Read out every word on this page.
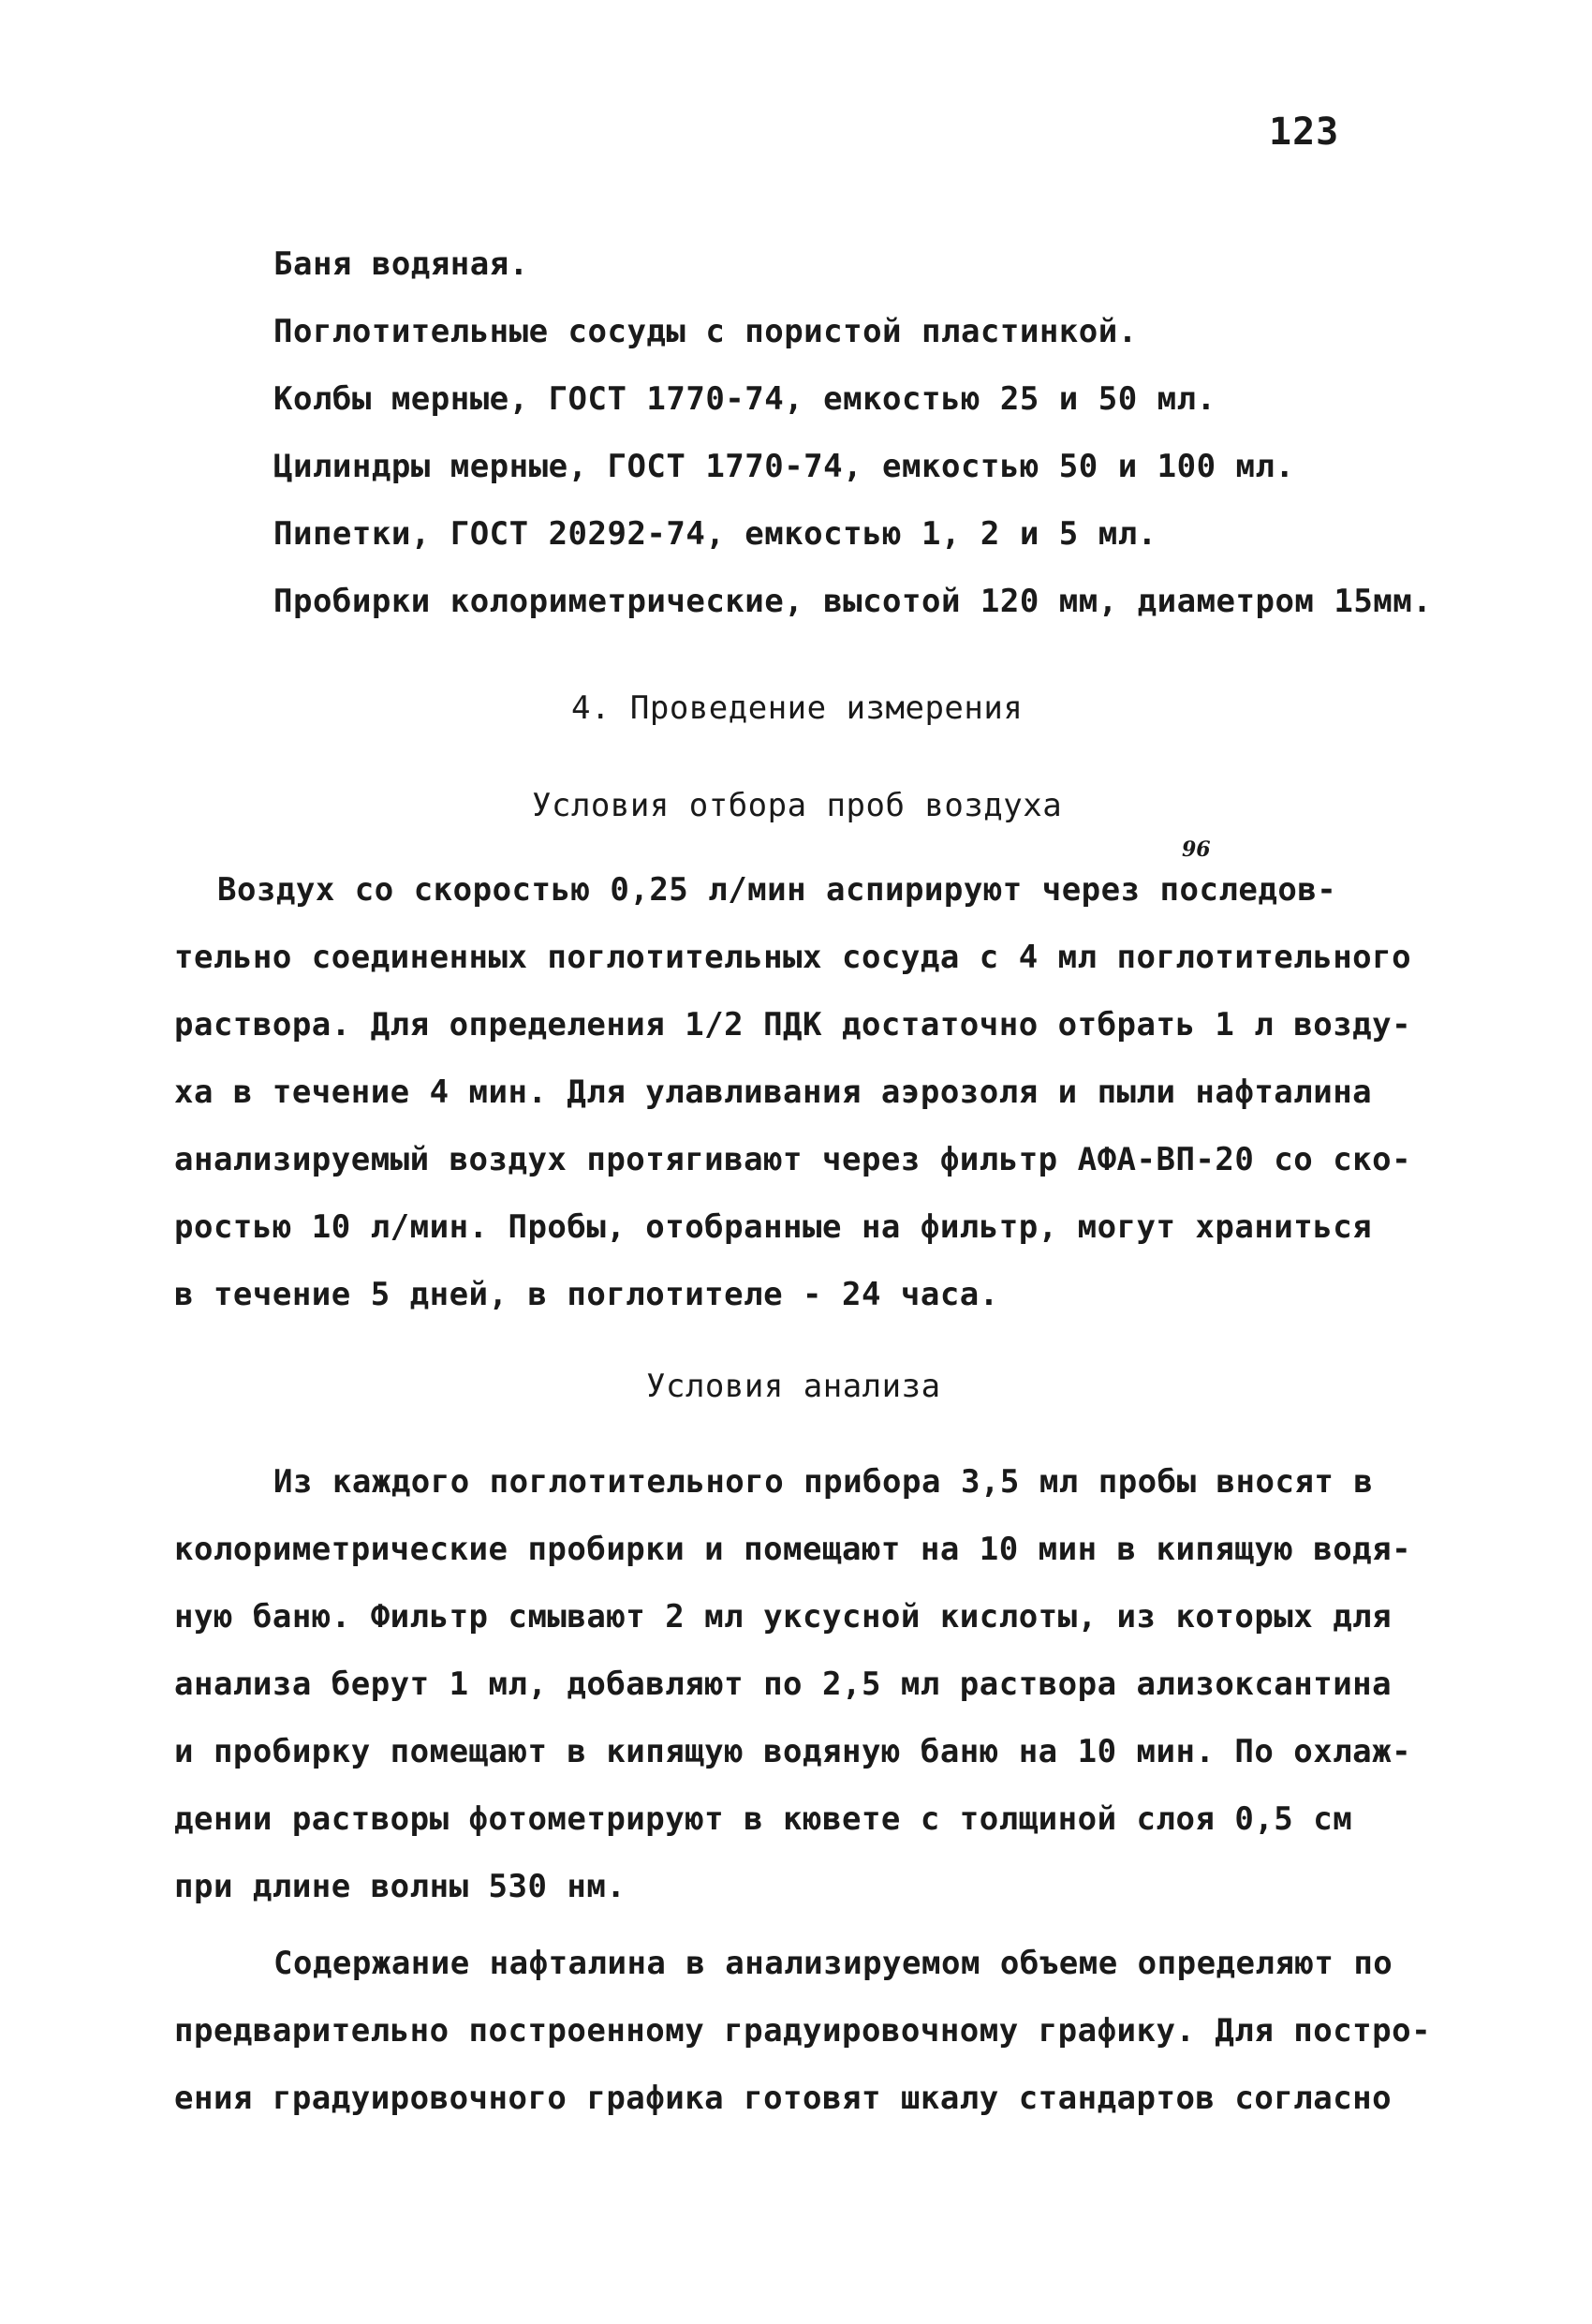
123
Баня водяная.
Поглотительные сосуды с пористой пластинкой.
Колбы мерные, ГОСТ 1770-74, емкостью 25 и 50 мл.
Цилиндры мерные, ГОСТ 1770-74, емкостью 50 и 100 мл.
Пипетки, ГОСТ 20292-74, емкостью 1, 2 и 5 мл.
Пробирки колориметрические, высотой 120 мм, диаметром 15мм.
4. Проведение измерения
Условия отбора проб воздуха
96
Воздух со скоростью 0,25 л/мин аспирируют через последов-
тельно соединенных поглотительных сосуда с 4 мл поглотительного
раствора. Для определения 1/2 ПДК достаточно отбрать 1 л возду-
ха в течение 4 мин. Для улавливания аэрозоля и пыли нафталина
анализируемый воздух протягивают через фильтр АФА-ВП-20 со ско-
ростью 10 л/мин. Пробы, отобранные на фильтр, могут храниться
в течение 5 дней, в поглотителе - 24 часа.
Условия анализа
Из каждого поглотительного прибора 3,5 мл пробы вносят в
колориметрические пробирки и помещают на 10 мин в кипящую водя-
ную баню. Фильтр смывают 2 мл уксусной кислоты, из которых для
анализа берут 1 мл, добавляют по 2,5 мл раствора ализоксантина
и пробирку помещают в кипящую водяную баню на 10 мин. По охлаж-
дении растворы фотометрируют в кювете с толщиной слоя 0,5 см
при длине волны 530 нм.
Содержание нафталина в анализируемом объеме определяют по
предварительно построенному градуировочному графику. Для постро-
ения градуировочного графика готовят шкалу стандартов согласно
